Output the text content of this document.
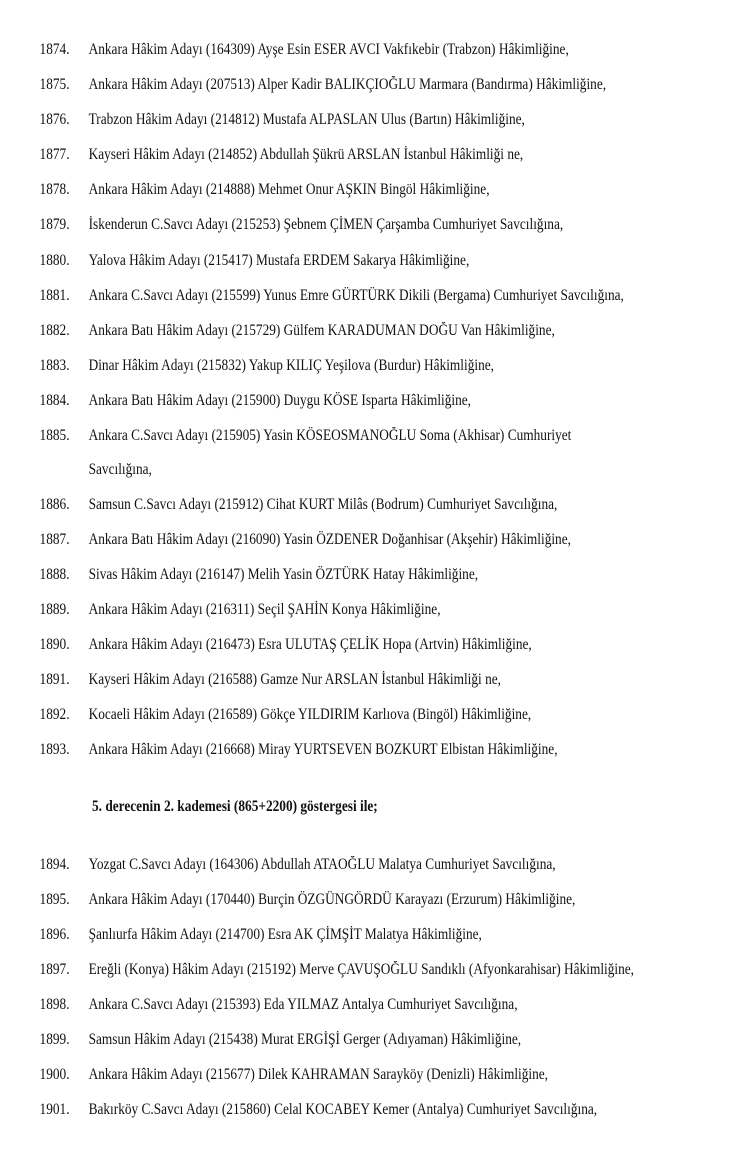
1874. Ankara Hâkim Adayı (164309) Ayşe Esin ESER AVCI Vakfıkebir (Trabzon) Hâkimliğine,
1875. Ankara Hâkim Adayı (207513) Alper Kadir BALIKÇIOĞLU Marmara (Bandırma) Hâkimliğine,
1876. Trabzon Hâkim Adayı (214812) Mustafa ALPASLAN Ulus (Bartın) Hâkimliğine,
1877. Kayseri Hâkim Adayı (214852) Abdullah Şükrü ARSLAN İstanbul Hâkimliği ne,
1878. Ankara Hâkim Adayı (214888) Mehmet Onur AŞKIN Bingöl Hâkimliğine,
1879. İskenderun C.Savcı Adayı (215253) Şebnem ÇİMEN Çarşamba Cumhuriyet Savcılığına,
1880. Yalova Hâkim Adayı (215417) Mustafa ERDEM Sakarya Hâkimliğine,
1881. Ankara C.Savcı Adayı (215599) Yunus Emre GÜRTÜRK Dikili (Bergama) Cumhuriyet Savcılığına,
1882. Ankara Batı Hâkim Adayı (215729) Gülfem KARADUMAN DOĞU Van Hâkimliğine,
1883. Dinar Hâkim Adayı (215832) Yakup KILIÇ Yeşilova (Burdur) Hâkimliğine,
1884. Ankara Batı Hâkim Adayı (215900) Duygu KÖSE Isparta Hâkimliğine,
1885. Ankara C.Savcı Adayı (215905) Yasin KÖSEOSMANOĞLU Soma (Akhisar) Cumhuriyet
Savcılığına,
1886. Samsun C.Savcı Adayı (215912) Cihat KURT Milâs (Bodrum) Cumhuriyet Savcılığına,
1887. Ankara Batı Hâkim Adayı (216090) Yasin ÖZDENER Doğanhisar (Akşehir) Hâkimliğine,
1888. Sivas Hâkim Adayı (216147) Melih Yasin ÖZTÜRK Hatay Hâkimliğine,
1889. Ankara Hâkim Adayı (216311) Seçil ŞAHİN Konya Hâkimliğine,
1890. Ankara Hâkim Adayı (216473) Esra ULUTAŞ ÇELİK Hopa (Artvin) Hâkimliğine,
1891. Kayseri Hâkim Adayı (216588) Gamze Nur ARSLAN İstanbul Hâkimliği ne,
1892. Kocaeli Hâkim Adayı (216589) Gökçe YILDIRIM Karlıova (Bingöl) Hâkimliğine,
1893. Ankara Hâkim Adayı (216668) Miray YURTSEVEN BOZKURT Elbistan Hâkimliğine,
5. derecenin 2. kademesi (865+2200) göstergesi ile;
1894. Yozgat C.Savcı Adayı (164306) Abdullah ATAOĞLU Malatya Cumhuriyet Savcılığına,
1895. Ankara Hâkim Adayı (170440) Burçin ÖZGÜNGÖRDÜ Karayazı (Erzurum) Hâkimliğine,
1896. Şanlıurfa Hâkim Adayı (214700) Esra AK ÇİMŞİT Malatya Hâkimliğine,
1897. Ereğli (Konya) Hâkim Adayı (215192) Merve ÇAVUŞOĞLU Sandıklı (Afyonkarahisar) Hâkimliğine,
1898. Ankara C.Savcı Adayı (215393) Eda YILMAZ Antalya Cumhuriyet Savcılığına,
1899. Samsun Hâkim Adayı (215438) Murat ERGİŞİ Gerger (Adıyaman) Hâkimliğine,
1900. Ankara Hâkim Adayı (215677) Dilek KAHRAMAN Sarayköy (Denizli) Hâkimliğine,
1901. Bakırköy C.Savcı Adayı (215860) Celal KOCABEY Kemer (Antalya) Cumhuriyet Savcılığına,
